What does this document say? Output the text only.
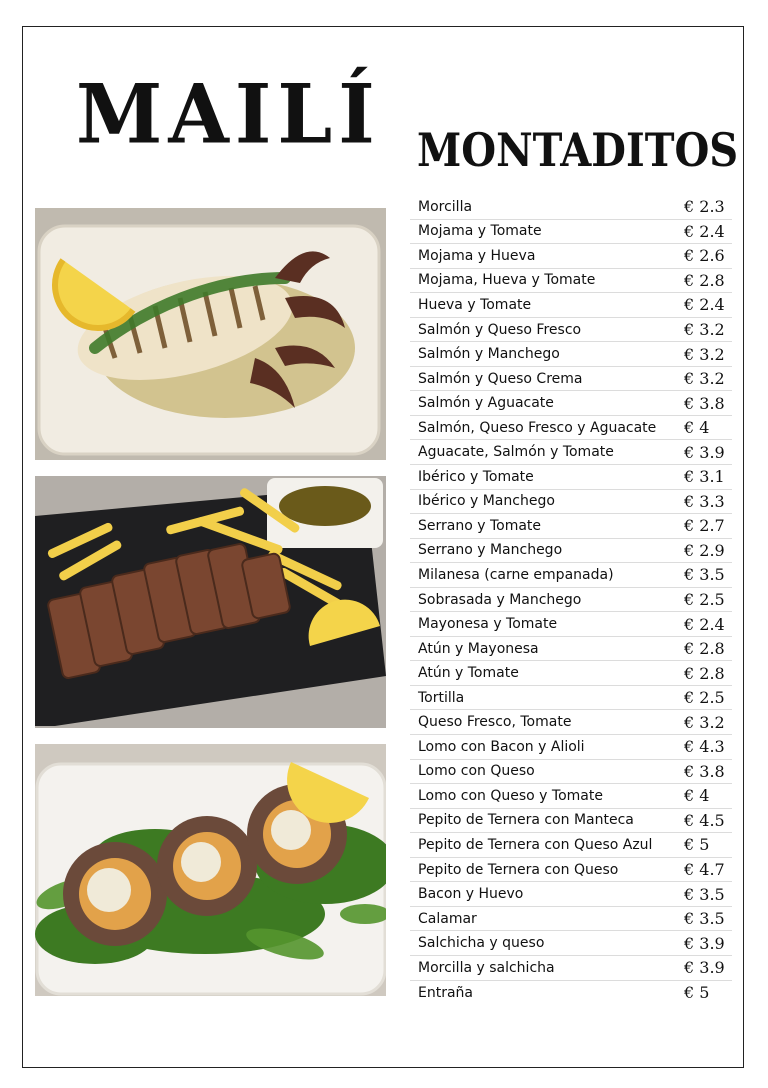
MAILÍ MONTADITOS
Morcilla	€ 2.3
Mojama y Tomate	€ 2.4
Mojama y Hueva	€ 2.6
Mojama, Hueva y Tomate	€ 2.8
Hueva y Tomate	€ 2.4
Salmón y Queso Fresco	€ 3.2
Salmón y Manchego	€ 3.2
Salmón y Queso Crema	€ 3.2
Salmón y Aguacate	€ 3.8
Salmón, Queso Fresco y Aguacate € 4
Aguacate, Salmón y Tomate	€ 3.9
Ibérico y Tomate	€ 3.1
Ibérico y Manchego	€ 3.3
Serrano y Tomate	€ 2.7
Serrano y Manchego	€ 2.9
Milanesa (carne empanada)	€ 3.5
Sobrasada y Manchego	€ 2.5
Mayonesa y Tomate	€ 2.4
Atún y Mayonesa	€ 2.8
Atún y Tomate	€ 2.8
Tortilla	€ 2.5
Queso Fresco, Tomate	€ 3.2
Lomo con Bacon y Alioli	€ 4.3
Lomo con Queso	€ 3.8
Lomo con Queso y Tomate	€ 4
Pepito de Ternera con Manteca	€ 4.5
Pepito de Ternera con Queso Azul € 5
Pepito de Ternera con Queso	€ 4.7
Bacon y Huevo	€ 3.5
Calamar	€ 3.5
Salchicha y queso	€ 3.9
Morcilla y salchicha	€ 3.9
Entraña	€ 5
